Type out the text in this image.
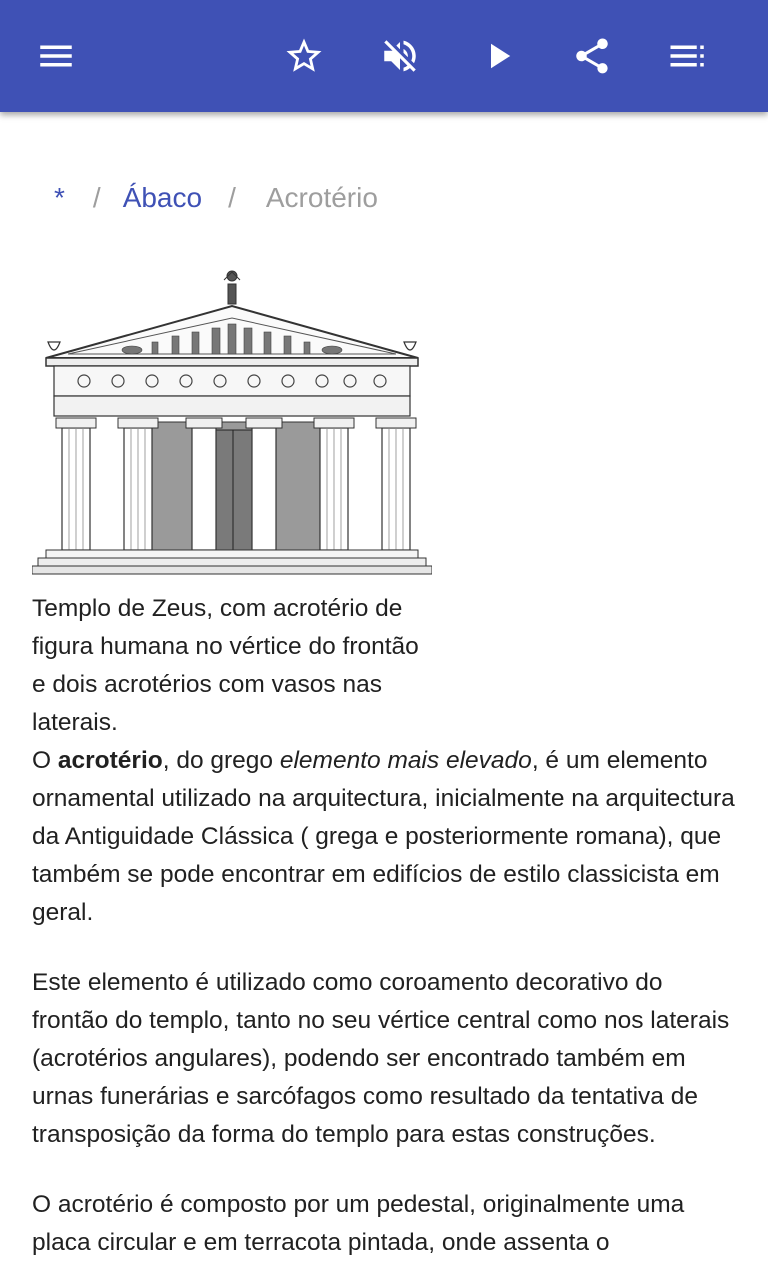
* / Ábaco / Acrotério

Templo de Zeus, com acrotério de figura humana no vértice do frontão e dois acrotérios com vasos nas laterais.

O acrotério, do grego elemento mais elevado, é um elemento ornamental utilizado na arquitectura, inicialmente na arquitectura da Antiguidade Clássica ( grega e posteriormente romana), que também se pode encontrar em edifícios de estilo classicista em geral.

Este elemento é utilizado como coroamento decorativo do frontão do templo, tanto no seu vértice central como nos laterais (acrotérios angulares), podendo ser encontrado também em urnas funerárias e sarcófagos como resultado da tentativa de transposição da forma do templo para estas construções.

O acrotério é composto por um pedestal, originalmente uma placa circular e em terracota pintada, onde assenta o
